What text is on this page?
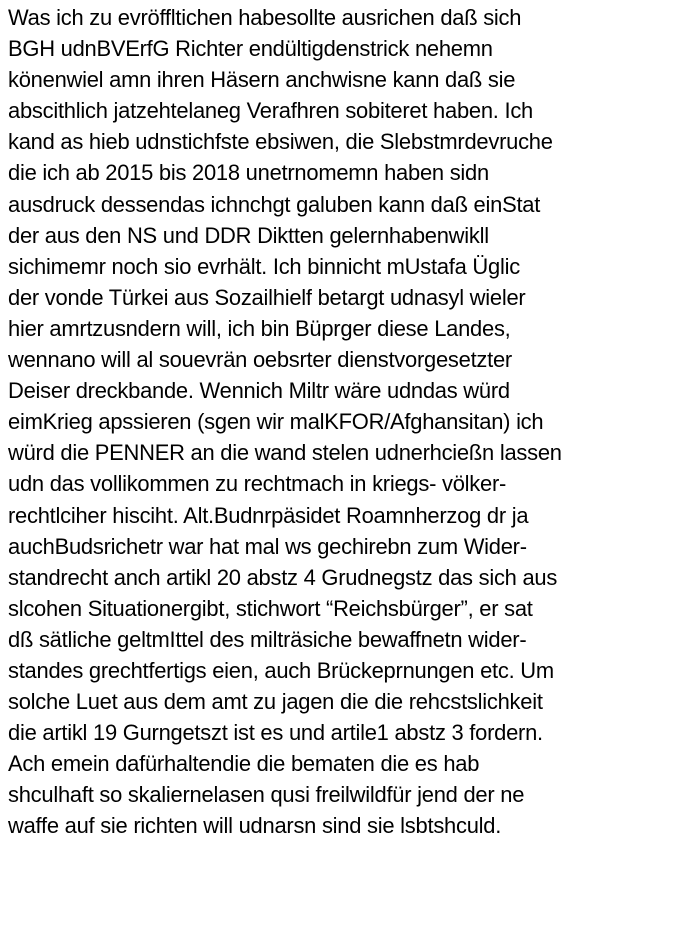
Was ich zu evröffltichen habesollte ausrichen daß sich
BGH udnBVErfG Richter endültigdenstrick nehemn
könenwiel amn ihren Häsern anchwisne kann daß sie
abscithlich jatzehtelaneg Verafhren sobiteret haben. Ich
kand as hieb udnstichfste ebsiwen, die Slebstmrdevruche
die ich ab 2015 bis 2018 unetrnomemn haben sidn
ausdruck dessendas ichnchgt galuben kann daß einStat
der aus den NS und DDR Diktten gelernhabenwikll
sichimemr noch sio evrhält. Ich binnicht mUstafa Üglic
der vonde Türkei aus Sozailhielf betargt udnasyl wieler
hier amrtzusndern will, ich bin Büprger diese Landes,
wennano will al souevrän oebsrter dienstvorgesetzter
Deiser dreckbande. Wennich Miltr wäre udndas würd
eimKrieg apssieren (sgen wir malKFOR/Afghansitan) ich
würd die PENNER an die wand stelen udnerhcießn lassen
udn das vollikommen zu rechtmach in kriegs- völker-
rechtlciher hisciht. Alt.Budnrpäsidet Roamnherzog dr ja
auchBudsrichetr war hat mal ws gechirebn zum Wider-
standrecht anch artikl 20 abstz 4 Grudnegstz das sich aus
slcohen Situationergibt, stichwort “Reichsbürger”, er sat
dß sätliche geltmIttel des milträsiche bewaffnetn wider-
standes grechtfertigs eien, auch Brückeprnungen etc. Um
solche Luet aus dem amt zu jagen die die rehcstslichkeit
die artikl 19 Gurngetszt ist es und artile1 abstz 3 fordern.
Ach emein dafürhaltendie die bematen die es hab
shculhaft so skaliernelasen qusi freilwildfür jend der ne
waffe auf sie richten will udnarsn sind sie lsbtshculd.
